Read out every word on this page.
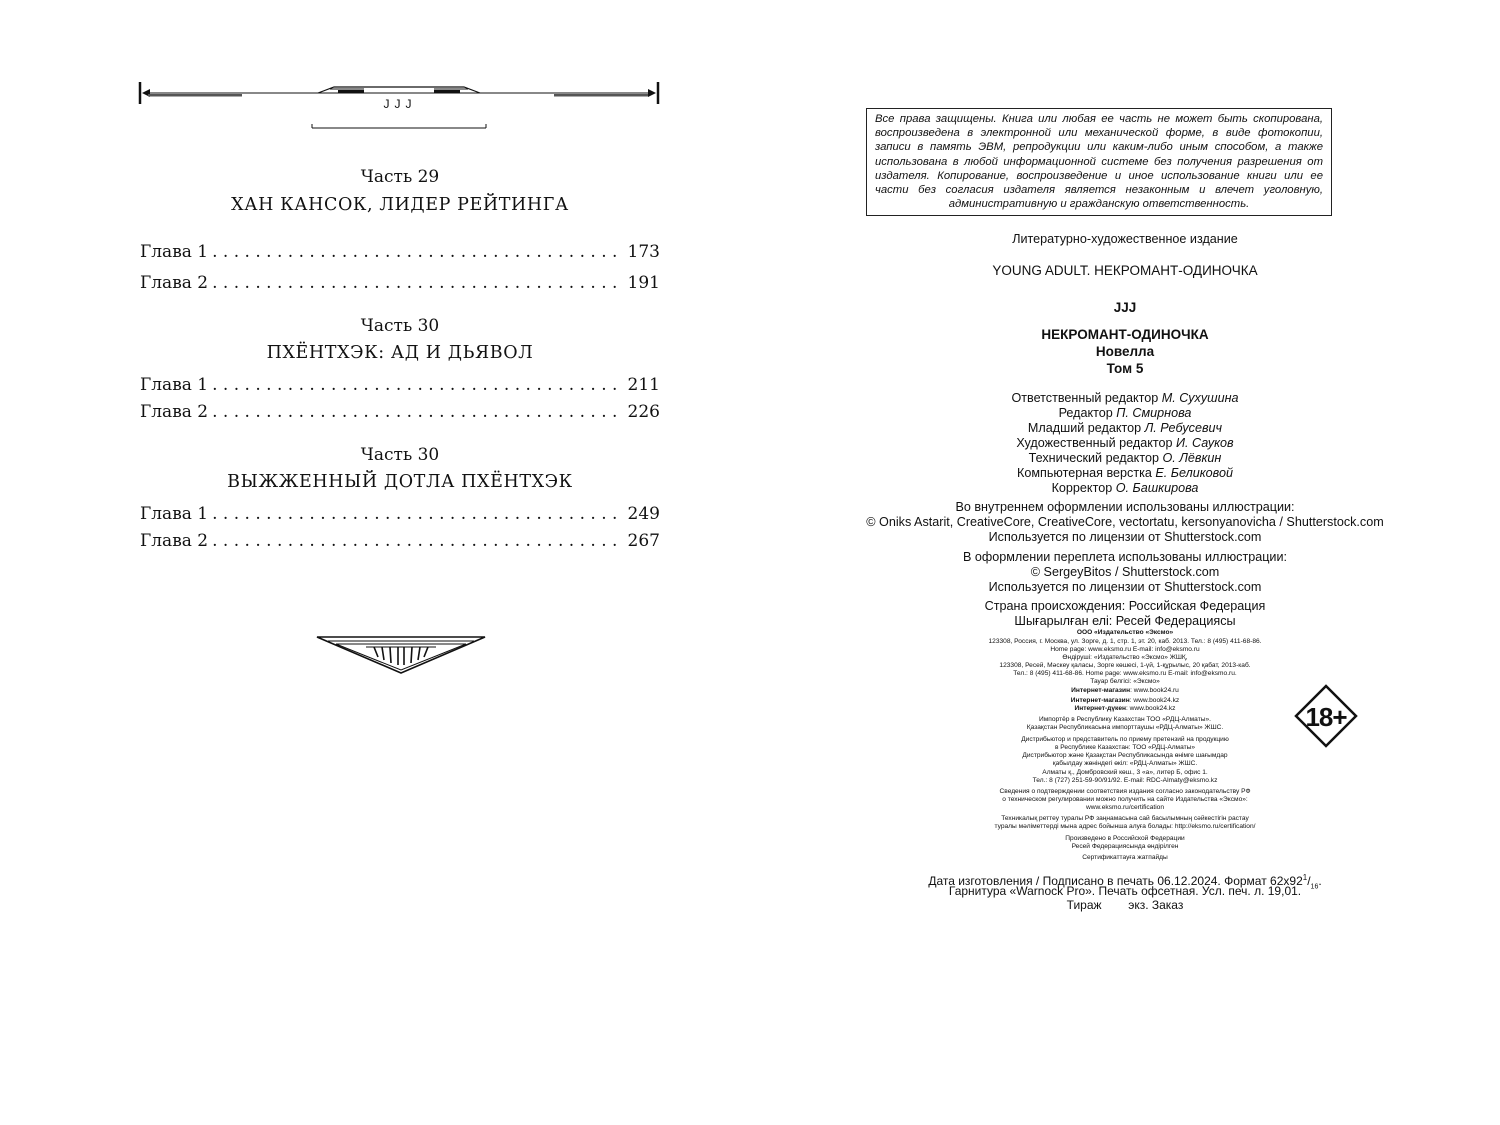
JJJ
Часть 29
ХАН КАНСОК, ЛИДЕР РЕЙТИНГА
Глава 1 . . .	173
Глава 2 . . .	191
Часть 30
ПХЁНТХЭК: АД И ДЬЯВОЛ
Глава 1 . . .	211
Глава 2 . . .	226
Часть 30
ВЫЖЖЕННЫЙ ДОТЛА ПХЁНТХЭК
Глава 1 . . .	249
Глава 2 . . .	267
Все права защищены. Книга или любая ее часть не может быть скопирована, воспроизведена в электронной или механической форме, в виде фотокопии, записи в память ЭВМ, репродукции или каким-либо иным способом, а также использована в любой информационной системе без получения разрешения от издателя. Копирование, воспроизведение и иное использование книги или ее части без согласия издателя является незаконным и влечет уголовную, административную и гражданскую ответственность.
Литературно-художественное издание
YOUNG ADULT. НЕКРОМАНТ-ОДИНОЧКА
JJJ
НЕКРОМАНТ-ОДИНОЧКА
Новелла
Том 5
Ответственный редактор М. Сухушина
Редактор П. Смирнова
Младший редактор Л. Ребусевич
Художественный редактор И. Сауков
Технический редактор О. Лёвкин
Компьютерная верстка Е. Беликовой
Корректор О. Башкирова
Во внутреннем оформлении использованы иллюстрации:
© Oniks Astarit, CreativeCore, CreativeCore, vectortatu, kersonyanovicha / Shutterstock.com
Используется по лицензии от Shutterstock.com
В оформлении переплета использованы иллюстрации:
© SergeyBitos / Shutterstock.com
Используется по лицензии от Shutterstock.com
Страна происхождения: Российская Федерация
Шығарылған елі: Ресей Федерациясы
ООО «Издательство «Эксмо»
123308, Россия, г. Москва, ул. Зорге, д. 1, стр. 1, эт. 20, каб. 2013. Тел.: 8 (495) 411-68-86.
Home page: www.eksmo.ru E-mail: info@eksmo.ru
Өндіруші: «Издательство «Эксмо» ЖШҚ,
123308, Ресей, Мәскеу қаласы, Зорге көшесі, 1-үй, 1-құрылыс, 20 қабат, 2013-каб.
Тел.: 8 (495) 411-68-86. Home page: www.eksmo.ru E-mail: info@eksmo.ru.
Тауар белгісі: «Эксмо»
Интернет-магазин: www.book24.ru
Интернет-магазин: www.book24.kz
Интернет-дүкен: www.book24.kz
Импортёр в Республику Казахстан ТОО «РДЦ-Алматы».
Қазақстан Республикасына импорттаушы «РДЦ-Алматы» ЖШС.
Дистрибьютор и представитель по приему претензий на продукцию
в Республике Казахстан: ТОО «РДЦ-Алматы»
Дистрибьютор және Қазақстан Республикасында өнімге шағымдар
қабылдау жөніндегі өкіл: «РДЦ-Алматы» ЖШС.
Алматы қ., Домбровский көш., 3 «а», литер Б, офис 1.
Тел.: 8 (727) 251-59-90/91/92. E-mail: RDC-Almaty@eksmo.kz
Сведения о подтверждении соответствия издания согласно законодательству РФ
о техническом регулировании можно получить на сайте Издательства «Эксмо»:
www.eksmo.ru/certification
Техникалық реттеу туралы РФ заңнамасына сай басылымның сәйкестігін растау
туралы мәліметтерді мына адрес бойынша алуға болады: http://eksmo.ru/certification/
Произведено в Российской Федерации
Ресей Федерациясында өндірілген
Сертификаттауға жатпайды
Дата изготовления / Подписано в печать 06.12.2024. Формат $62х92^1/_{16}$.
Гарнитура «Warnock Pro». Печать офсетная. Усл. печ. л. 19,01.
Тираж        экз. Заказ
18+
